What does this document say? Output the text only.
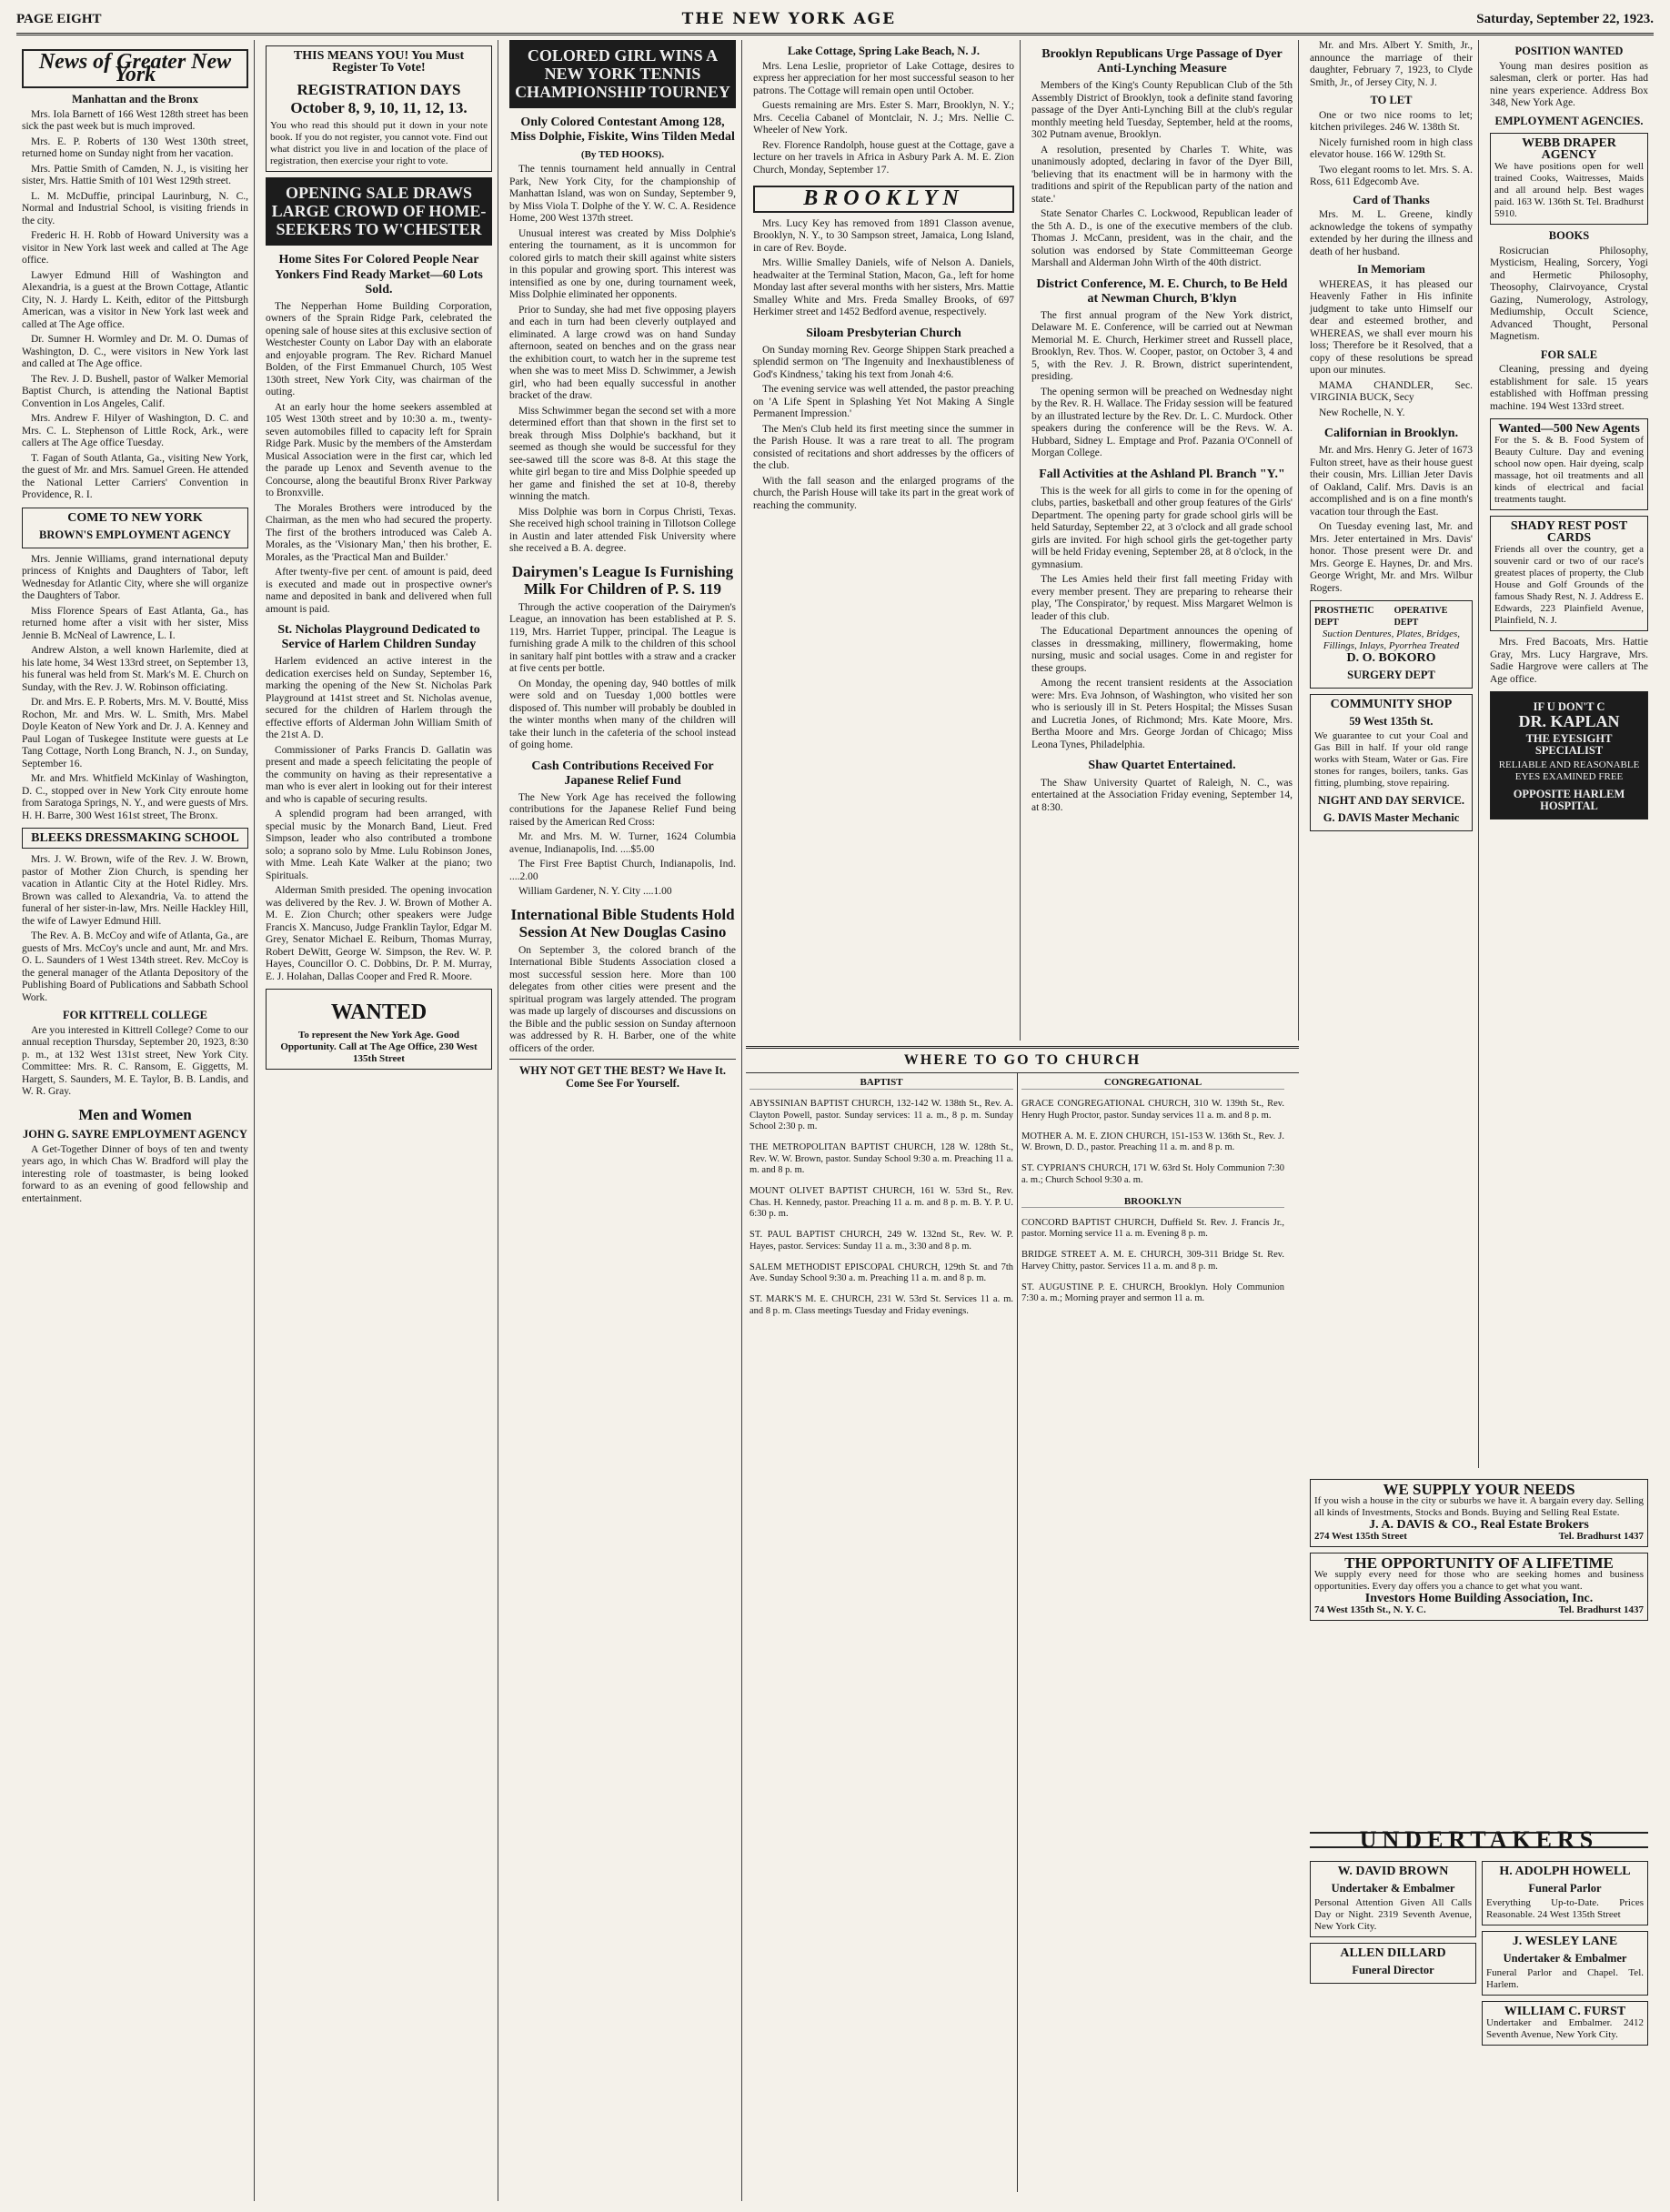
PAGE EIGHT	THE NEW YORK AGE	Saturday, September 22, 1923.
News of Greater New York
Manhattan and the Bronx

Mrs. Iola Barnett of 166 West 128th street has been sick the past week but is much improved.

Mrs. E. P. Roberts of 130 West 130th street, returned home on Sunday night from her vacation.

Mrs. Pattie Smith of Camden, N. J., is visiting her sister, Mrs. Hattie Smith of 101 West 129th street.

L. M. McDuffie, principal Laurinburg, N. C., Normal and Industrial School, is visiting friends in the city.

Frederic H. H. Robb of Howard University was a visitor in New York last week and called at The Age office.

Lawyer Edmund Hill of Washington and Alexandria, is a guest at the Brown Cottage, Atlantic City, N. J. Hardy L. Keith, editor of the Pittsburgh American, was a visitor in New York last week and called at The Age office.

Dr. Sumner H. Wormley and Dr. M. O. Dumas of Washington, D. C., were visitors in New York last and called at The Age office.

The Rev. J. D. Bushell, pastor of Walker Memorial Baptist Church, is attending the National Baptist Convention in Los Angeles, Calif.

Mrs. Andrew F. Hilyer of Washington, D. C. and Mrs. C. L. Stephenson of Little Rock, Ark., were callers at The Age office Tuesday.

T. Fagan of South Atlanta, Ga., visiting New York, the guest of Mr. and Mrs. Samuel Green. He attended the National Letter Carriers' Convention in Providence, R. I.

COME TO NEW YORK
BROWN'S EMPLOYMENT AGENCY

Mrs. Jennie Williams, grand international deputy princess of Knights and Daughters of Tabor, left Wednesday for Atlantic City, where she will organize the Daughters of Tabor.

Miss Florence Spears of East Atlanta, Ga., has returned home after a visit with her sister, Miss Jennie B. McNeal of Lawrence, L. I.

Andrew Alston, a well known Harlemite, died at his late home, 34 West 133rd street, on September 13, his funeral was held from St. Mark's M. E. Church on Sunday, with the Rev. J. W. Robinson officiating.

Dr. and Mrs. E. P. Roberts, Mrs. M. V. Boutté, Miss Rochon, Mr. and Mrs. W. L. Smith, Mrs. Mabel Doyle Keaton of New York and Dr. J. A. Kenney and Paul Logan of Tuskegee Institute were guests at Le Tang Cottage, North Long Branch, N. J., on Sunday, September 16.

Mr. and Mrs. Whitfield McKinlay of Washington, D. C., stopped over in New York City enroute home from Saratoga Springs, N. Y., and were guests of Mrs. H. H. Barre, 300 West 161st street, The Bronx.

BLEEKS DRESSMAKING SCHOOL

Mrs. J. W. Brown, wife of the Rev. J. W. Brown, pastor of Mother Zion Church, is spending her vacation in Atlantic City at the Hotel Ridley. Mrs. Brown was called to Alexandria, Va. to attend the funeral of her sister-in-law, Mrs. Neille Hackley Hill, the wife of Lawyer Edmund Hill.

The Rev. A. B. McCoy and wife of Atlanta, Ga., are guests of Mrs. McCoy's uncle and aunt, Mr. and Mrs. O. L. Saunders of 1 West 134th street. Rev. McCoy is the general manager of the Atlanta Depository of the Publishing Board of Publications and Sabbath School Work.

FOR KITTRELL COLLEGE

Are you interested in Kittrell College? Come to our annual reception Thursday, September 20, 1923, 8:30 p. m., at 132 West 131st street, New York City. Committee: Mrs. R. C. Ransom, E. Giggetts, M. Hargett, S. Saunders, M. E. Taylor, B. B. Landis, and W. R. Gray.

Men and Women
JOHN G. SAYRE EMPLOYMENT AGENCY

A Get-Together Dinner of boys of ten and twenty years ago, in which Chas W. Bradford will play the interesting role of toastmaster, is being looked forward to as an evening of good fellowship and entertainment.

THIS MEANS YOU! You Must Register To Vote!
REGISTRATION DAYS October 8, 9, 10, 11, 12, 13.
You who read this should put it down in your note book. If you do not register, you cannot vote. Find out what district you live in and location of the place of registration, then exercise your right to vote.
OPENING SALE DRAWS LARGE CROWD OF HOME-SEEKERS TO W'CHESTER
Home Sites For Colored People Near Yonkers Find Ready Market—60 Lots Sold.

The Nepperhan Home Building Corporation, owners of the Sprain Ridge Park, celebrated the opening sale of house sites at this exclusive section of Westchester County on Labor Day with an elaborate and enjoyable program. The Rev. Richard Manuel Bolden, of the First Emmanuel Church, 105 West 130th street, New York City, was chairman of the outing.

At an early hour the home seekers assembled at 105 West 130th street and by 10:30 a. m., twenty-seven automobiles filled to capacity left for Sprain Ridge Park. Music by the members of the Amsterdam Musical Association were in the first car, which led the parade up Lenox and Seventh avenue to the Concourse, along the beautiful Bronx River Parkway to Bronxville.

The Morales Brothers were introduced by the Chairman, as the men who had secured the property. The first of the brothers introduced was Caleb A. Morales, as the 'Visionary Man,' then his brother, E. Morales, as the 'Practical Man and Builder.'

After twenty-five per cent. of amount is paid, deed is executed and made out in prospective owner's name and deposited in bank and delivered when full amount is paid.

St. Nicholas Playground Dedicated to Service of Harlem Children Sunday

Harlem evidenced an active interest in the dedication exercises held on Sunday, September 16, marking the opening of the New St. Nicholas Park Playground at 141st street and St. Nicholas avenue, secured for the children of Harlem through the effective efforts of Alderman John William Smith of the 21st A. D.

Commissioner of Parks Francis D. Gallatin was present and made a speech felicitating the people of the community on having as their representative a man who is ever alert in looking out for their interest and who is capable of securing results.

A splendid program had been arranged, with special music by the Monarch Band, Lieut. Fred Simpson, leader who also contributed a trombone solo; a soprano solo by Mme. Lulu Robinson Jones, with Mme. Leah Kate Walker at the piano; two Spirituals.

Alderman Smith presided. The opening invocation was delivered by the Rev. J. W. Brown of Mother A. M. E. Zion Church; other speakers were Judge Francis X. Mancuso, Judge Franklin Taylor, Edgar M. Grey, Senator Michael E. Reiburn, Thomas Murray, Robert DeWitt, George W. Simpson, the Rev. W. P. Hayes, Councillor O. C. Dobbins, Dr. P. M. Murray, E. J. Holahan, Dallas Cooper and Fred R. Moore.

WANTED
To represent the New York Age. Good Opportunity. Call at The Age Office, 230 West 135th Street
COLORED GIRL WINS A NEW YORK TENNIS CHAMPIONSHIP TOURNEY
Only Colored Contestant Among 128, Miss Dolphie, Fiskite, Wins Tilden Medal
(By TED HOOKS).

The tennis tournament held annually in Central Park, New York City, for the championship of Manhattan Island, was won on Sunday, September 9, by Miss Viola T. Dolphe of the Y. W. C. A. Residence Home, 200 West 137th street.

Unusual interest was created by Miss Dolphie's entering the tournament, as it is uncommon for colored girls to match their skill against white sisters in this popular and growing sport. This interest was intensified as one by one, during tournament week, Miss Dolphie eliminated her opponents.

Prior to Sunday, she had met five opposing players and each in turn had been cleverly outplayed and eliminated. A large crowd was on hand Sunday afternoon, seated on benches and on the grass near the exhibition court, to watch her in the supreme test when she was to meet Miss D. Schwimmer, a Jewish girl, who had been equally successful in another bracket of the draw.

Miss Schwimmer began the second set with a more determined effort than that shown in the first set to break through Miss Dolphie's backhand, but it seemed as though she would be successful for they see-sawed till the score was 8-8. At this stage the white girl began to tire and Miss Dolphie speeded up her game and finished the set at 10-8, thereby winning the match.

Miss Dolphie was born in Corpus Christi, Texas. She received high school training in Tillotson College in Austin and later attended Fisk University where she received a B. A. degree.

Dairymen's League Is Furnishing Milk For Children of P. S. 119

Through the active cooperation of the Dairymen's League, an innovation has been established at P. S. 119, Mrs. Harriet Tupper, principal. The League is furnishing grade A milk to the children of this school in sanitary half pint bottles with a straw and a cracker at five cents per bottle.

On Monday, the opening day, 940 bottles of milk were sold and on Tuesday 1,000 bottles were disposed of. This number will probably be doubled in the winter months when many of the children will take their lunch in the cafeteria of the school instead of going home.

Cash Contributions Received For Japanese Relief Fund

The New York Age has received the following contributions for the Japanese Relief Fund being raised by the American Red Cross:

Mr. and Mrs. M. W. Turner, 1624 Columbia avenue, Indianapolis, Ind. ....$5.00

The First Free Baptist Church, Indianapolis, Ind. ....2.00

William Gardener, N. Y. City ....1.00

International Bible Students Hold Session At New Douglas Casino

On September 3, the colored branch of the International Bible Students Association closed a most successful session here. More than 100 delegates from other cities were present and the spiritual program was largely attended. The program was made up largely of discourses and discussions on the Bible and the public session on Sunday afternoon was addressed by R. H. Barber, one of the white officers of the order.

WHY NOT GET THE BEST? We Have It. Come See For Yourself.
Lake Cottage, Spring Lake Beach, N. J.

Mrs. Lena Leslie, proprietor of Lake Cottage, desires to express her appreciation for her most successful season to her patrons. The Cottage will remain open until October.

Guests remaining are Mrs. Ester S. Marr, Brooklyn, N. Y.; Mrs. Cecelia Cabanel of Montclair, N. J.; Mrs. Nellie C. Wheeler of New York.

Rev. Florence Randolph, house guest at the Cottage, gave a lecture on her travels in Africa in Asbury Park A. M. E. Zion Church, Monday, September 17.

BROOKLYN

Mrs. Lucy Key has removed from 1891 Classon avenue, Brooklyn, N. Y., to 30 Sampson street, Jamaica, Long Island, in care of Rev. Boyde.

Mrs. Willie Smalley Daniels, wife of Nelson A. Daniels, headwaiter at the Terminal Station, Macon, Ga., left for home Monday last after several months with her sisters, Mrs. Mattie Smalley White and Mrs. Freda Smalley Brooks, of 697 Herkimer street and 1452 Bedford avenue, respectively.

Siloam Presbyterian Church

On Sunday morning Rev. George Shippen Stark preached a splendid sermon on 'The Ingenuity and Inexhaustibleness of God's Kindness,' taking his text from Jonah 4:6.

The evening service was well attended, the pastor preaching on 'A Life Spent in Splashing Yet Not Making A Single Permanent Impression.'

The Men's Club held its first meeting since the summer in the Parish House. It was a rare treat to all. The program consisted of recitations and short addresses by the officers of the club.

With the fall season and the enlarged programs of the church, the Parish House will take its part in the great work of reaching the community.

Brooklyn Republicans Urge Passage of Dyer Anti-Lynching Measure

Members of the King's County Republican Club of the 5th Assembly District of Brooklyn, took a definite stand favoring passage of the Dyer Anti-Lynching Bill at the club's regular monthly meeting held Tuesday, September, held at the rooms, 302 Putnam avenue, Brooklyn.

A resolution, presented by Charles T. White, was unanimously adopted, declaring in favor of the Dyer Bill, 'believing that its enactment will be in harmony with the traditions and spirit of the Republican party of the nation and state.'

State Senator Charles C. Lockwood, Republican leader of the 5th A. D., is one of the executive members of the club. Thomas J. McCann, president, was in the chair, and the solution was endorsed by State Committeeman George Marshall and Alderman John Wirth of the 40th district.

District Conference, M. E. Church, to Be Held at Newman Church, B'klyn

The first annual program of the New York district, Delaware M. E. Conference, will be carried out at Newman Memorial M. E. Church, Herkimer street and Russell place, Brooklyn, Rev. Thos. W. Cooper, pastor, on October 3, 4 and 5, with the Rev. J. R. Brown, district superintendent, presiding.

The opening sermon will be preached on Wednesday night by the Rev. R. H. Wallace. The Friday session will be featured by an illustrated lecture by the Rev. Dr. L. C. Murdock. Other speakers during the conference will be the Revs. W. A. Hubbard, Sidney L. Emptage and Prof. Pazania O'Connell of Morgan College.

Fall Activities at the Ashland Pl. Branch "Y."

This is the week for all girls to come in for the opening of clubs, parties, basketball and other group features of the Girls' Department. The opening party for grade school girls will be held Saturday, September 22, at 3 o'clock and all grade school girls are invited. For high school girls the get-together party will be held Friday evening, September 28, at 8 o'clock, in the gymnasium.

The Les Amies held their first fall meeting Friday with every member present. They are preparing to rehearse their play, 'The Conspirator,' by request. Miss Margaret Welmon is leader of this club.

The Educational Department announces the opening of classes in dressmaking, millinery, flowermaking, home nursing, music and social usages. Come in and register for these groups.

Among the recent transient residents at the Association were: Mrs. Eva Johnson, of Washington, who visited her son who is seriously ill in St. Peters Hospital; the Misses Susan and Lucretia Jones, of Richmond; Mrs. Kate Moore, Mrs. Bertha Moore and Mrs. George Jordan of Chicago; Miss Leona Tynes, Philadelphia.

Shaw Quartet Entertained.

The Shaw University Quartet of Raleigh, N. C., was entertained at the Association Friday evening, September 14, at 8:30.

WHERE TO GO TO CHURCH
BAPTIST

ABYSSINIAN BAPTIST CHURCH, 132-142 W. 138th St., Rev. A. Clayton Powell, pastor. Sunday services: 11 a. m., 8 p. m. Sunday School 2:30 p. m.

THE METROPOLITAN BAPTIST CHURCH, 128 W. 128th St., Rev. W. W. Brown, pastor. Sunday School 9:30 a. m. Preaching 11 a. m. and 8 p. m.

MOUNT OLIVET BAPTIST CHURCH, 161 W. 53rd St., Rev. Chas. H. Kennedy, pastor. Preaching 11 a. m. and 8 p. m. B. Y. P. U. 6:30 p. m.

ST. PAUL BAPTIST CHURCH, 249 W. 132nd St., Rev. W. P. Hayes, pastor. Services: Sunday 11 a. m., 3:30 and 8 p. m.

SALEM METHODIST EPISCOPAL CHURCH, 129th St. and 7th Ave. Sunday School 9:30 a. m. Preaching 11 a. m. and 8 p. m.

ST. MARK'S M. E. CHURCH, 231 W. 53rd St. Services 11 a. m. and 8 p. m. Class meetings Tuesday and Friday evenings.

CONGREGATIONAL

GRACE CONGREGATIONAL CHURCH, 310 W. 139th St., Rev. Henry Hugh Proctor, pastor. Sunday services 11 a. m. and 8 p. m.

MOTHER A. M. E. ZION CHURCH, 151-153 W. 136th St., Rev. J. W. Brown, D. D., pastor. Preaching 11 a. m. and 8 p. m.

ST. CYPRIAN'S CHURCH, 171 W. 63rd St. Holy Communion 7:30 a. m.; Church School 9:30 a. m.

BROOKLYN

CONCORD BAPTIST CHURCH, Duffield St. Rev. J. Francis Jr., pastor. Morning service 11 a. m. Evening 8 p. m.

BRIDGE STREET A. M. E. CHURCH, 309-311 Bridge St. Rev. Harvey Chitty, pastor. Services 11 a. m. and 8 p. m.

ST. AUGUSTINE P. E. CHURCH, Brooklyn. Holy Communion 7:30 a. m.; Morning prayer and sermon 11 a. m.

Mr. and Mrs. Albert Y. Smith, Jr., announce the marriage of their daughter, February 7, 1923, to Clyde Smith, Jr., of Jersey City, N. J.

TO LET

One or two nice rooms to let; kitchen privileges. 246 W. 138th St.

Nicely furnished room in high class elevator house. 166 W. 129th St.

Two elegant rooms to let. Mrs. S. A. Ross, 611 Edgecomb Ave.

Card of Thanks

Mrs. M. L. Greene, kindly acknowledge the tokens of sympathy extended by her during the illness and death of her husband.

In Memoriam

WHEREAS, it has pleased our Heavenly Father in His infinite judgment to take unto Himself our dear and esteemed brother, and WHEREAS, we shall ever mourn his loss; Therefore be it Resolved, that a copy of these resolutions be spread upon our minutes.

MAMA CHANDLER, Sec. VIRGINIA BUCK, Secy

New Rochelle, N. Y.

Californian in Brooklyn.

Mr. and Mrs. Henry G. Jeter of 1673 Fulton street, have as their house guest their cousin, Mrs. Lillian Jeter Davis of Oakland, Calif. Mrs. Davis is an accomplished and is on a fine month's vacation tour through the East.

On Tuesday evening last, Mr. and Mrs. Jeter entertained in Mrs. Davis' honor. Those present were Dr. and Mrs. George E. Haynes, Dr. and Mrs. George Wright, Mr. and Mrs. Wilbur Rogers.

PROSTHETIC DEPT
OPERATIVE DEPT
Suction Dentures, Plates, Bridges, Fillings, Inlays, Pyorrhea Treated
D. O. BOKORO
SURGERY DEPT
COMMUNITY SHOP
59 West 135th St.
We guarantee to cut your Coal and Gas Bill in half. If your old range works with Steam, Water or Gas. Fire stones for ranges, boilers, tanks. Gas fitting, plumbing, stove repairing.
NIGHT AND DAY SERVICE.
G. DAVIS Master Mechanic
POSITION WANTED

Young man desires position as salesman, clerk or porter. Has had nine years experience. Address Box 348, New York Age.

EMPLOYMENT AGENCIES.
WEBB DRAPER AGENCY
We have positions open for well trained Cooks, Waitresses, Maids and all around help. Best wages paid. 163 W. 136th St. Tel. Bradhurst 5910.
BOOKS

Rosicrucian Philosophy, Mysticism, Healing, Sorcery, Yogi and Hermetic Philosophy, Theosophy, Clairvoyance, Crystal Gazing, Numerology, Astrology, Mediumship, Occult Science, Advanced Thought, Personal Magnetism.

FOR SALE

Cleaning, pressing and dyeing establishment for sale. 15 years established with Hoffman pressing machine. 194 West 133rd street.

Wanted—500 New Agents
For the S. & B. Food System of Beauty Culture. Day and evening school now open. Hair dyeing, scalp massage, hot oil treatments and all kinds of electrical and facial treatments taught.
SHADY REST POST CARDS
Friends all over the country, get a souvenir card or two of our race's greatest places of property, the Club House and Golf Grounds of the famous Shady Rest, N. J. Address E. Edwards, 223 Plainfield Avenue, Plainfield, N. J.

Mrs. Fred Bacoats, Mrs. Hattie Gray, Mrs. Lucy Hargrave, Mrs. Sadie Hargrove were callers at The Age office.

IF U DON'T C
DR. KAPLAN
THE EYESIGHT SPECIALIST
RELIABLE AND REASONABLE EYES EXAMINED FREE
OPPOSITE HARLEM HOSPITAL
WE SUPPLY YOUR NEEDS
If you wish a house in the city or suburbs we have it. A bargain every day. Selling all kinds of Investments, Stocks and Bonds. Buying and Selling Real Estate.
J. A. DAVIS & CO., Real Estate Brokers
274 West 135th Street	Tel. Bradhurst 1437
THE OPPORTUNITY OF A LIFETIME
We supply every need for those who are seeking homes and business opportunities. Every day offers you a chance to get what you want.
Investors Home Building Association, Inc.
74 West 135th St., N. Y. C.	Tel. Bradhurst 1437
UNDERTAKERS
W. DAVID BROWN
Undertaker & Embalmer
Personal Attention Given All Calls Day or Night. 2319 Seventh Avenue, New York City.
ALLEN DILLARD
Funeral Director
H. ADOLPH HOWELL
Funeral Parlor
Everything Up-to-Date. Prices Reasonable. 24 West 135th Street
J. WESLEY LANE
Undertaker & Embalmer
Funeral Parlor and Chapel. Tel. Harlem.
WILLIAM C. FURST
Undertaker and Embalmer. 2412 Seventh Avenue, New York City.
